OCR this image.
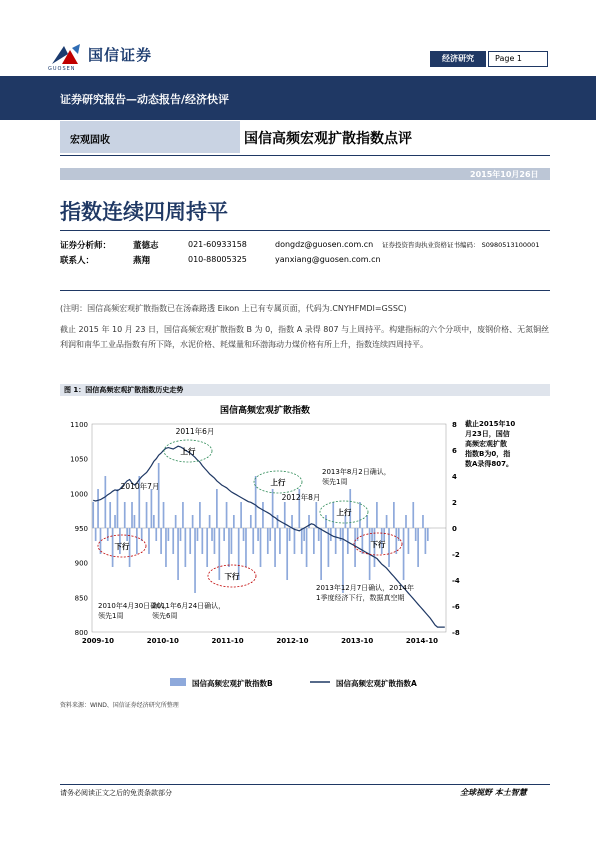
国信证券
GUOSEN
经济研究	Page 1
证券研究报告—动态报告/经济快评
宏观固收	国信高频宏观扩散指数点评
2015年10月26日
指数连续四周持平
证券分析师：	董德志	021-60933158	dongdz@guosen.com.cn 证券投资咨询执业资格证书编码： S0980513100001
联系人：	燕翔	010-88005325	yanxiang@guosen.com.cn
(注明：国信高频宏观扩散指数已在汤森路透 Eikon 上已有专属页面，代码为.CNYHFMDI=GSSC)
截止 2015 年 10 月 23 日，国信高频宏观扩散指数 B 为 0，指数 A 录得 807 与上周持平。构建指标的六个分项中，废钢价格、无氮铜丝利润和南华工业品指数有所下降，水泥价格、耗煤量和环渤海动力煤价格有所上升，指数连续四周持平。
图 1：国信高频宏观扩散指数历史走势
国信高频宏观扩散指数
800
850
900
950
1000
1050
1100
-8
-6
-4
-2
0
2
4
6
8
2009-10	2010-10	2011-10	2012-10	2013-10	2014-10
上行
上行
上行
下行
下行
下行
2011年6月
2010年7月
2012年8月
2013年8月2日确认，
领先1周
2010年4月30日确认，
领先1周
2011年6月24日确认，
领先6周
2013年12月7日确认，2014年
1季度经济下行，数据真空期
截止2015年10
月23日，国信
高频宏观扩散
指数B为0，指
数A录得807。
国信高频宏观扩散指数B	国信高频宏观扩散指数A
资料来源：WIND、国信证券经济研究所整理
请务必阅读正文之后的免责条款部分	全球视野 本土智慧
